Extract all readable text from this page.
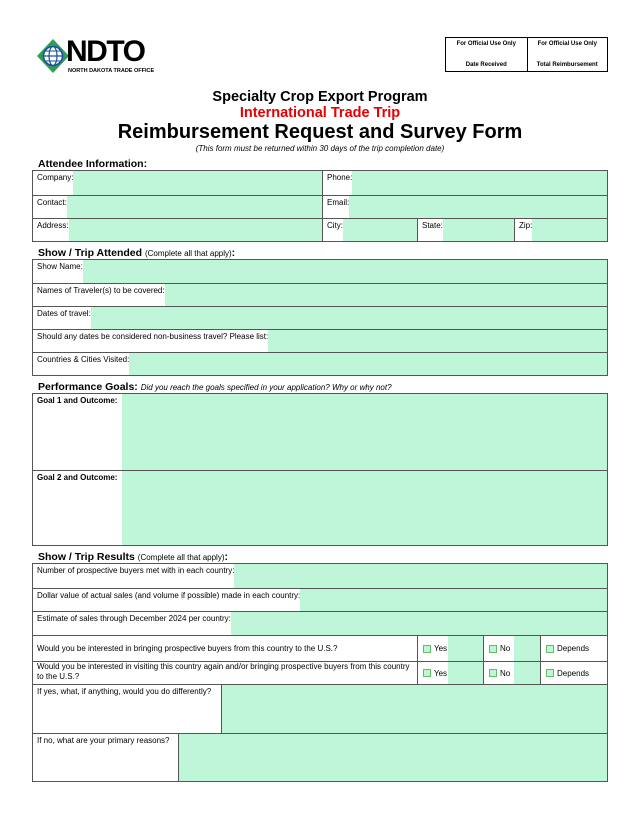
NDTO
NORTH DAKOTA TRADE OFFICE
For Official Use Only
Date Received
For Official Use Only
Total Reimbursement
Specialty Crop Export Program
International Trade Trip
Reimbursement Request and Survey Form
(This form must be returned within 30 days of the trip completion date)
Attendee Information:
Company:	Phone:
Contact:	Email:
Address:	City:	State:	Zip:
Show / Trip Attended (Complete all that apply):
Show Name:
Names of Traveler(s) to be covered:
Dates of travel:
Should any dates be considered non-business travel? Please list:
Countries & Cities Visited:
Performance Goals: Did you reach the goals specified in your application? Why or why not?
Goal 1 and Outcome:
Goal 2 and Outcome:
Show / Trip Results (Complete all that apply):
Number of prospective buyers met with in each country:
Dollar value of actual sales (and volume if possible) made in each country:
Estimate of sales through December 2024 per country:
Would you be interested in bringing prospective buyers from this country to the U.S.?	Yes	No	Depends
Would you be interested in visiting this country again and/or bringing prospective buyers from this country to the U.S.?	Yes	No	Depends
If yes, what, if anything, would you do differently?
If no, what are your primary reasons?
